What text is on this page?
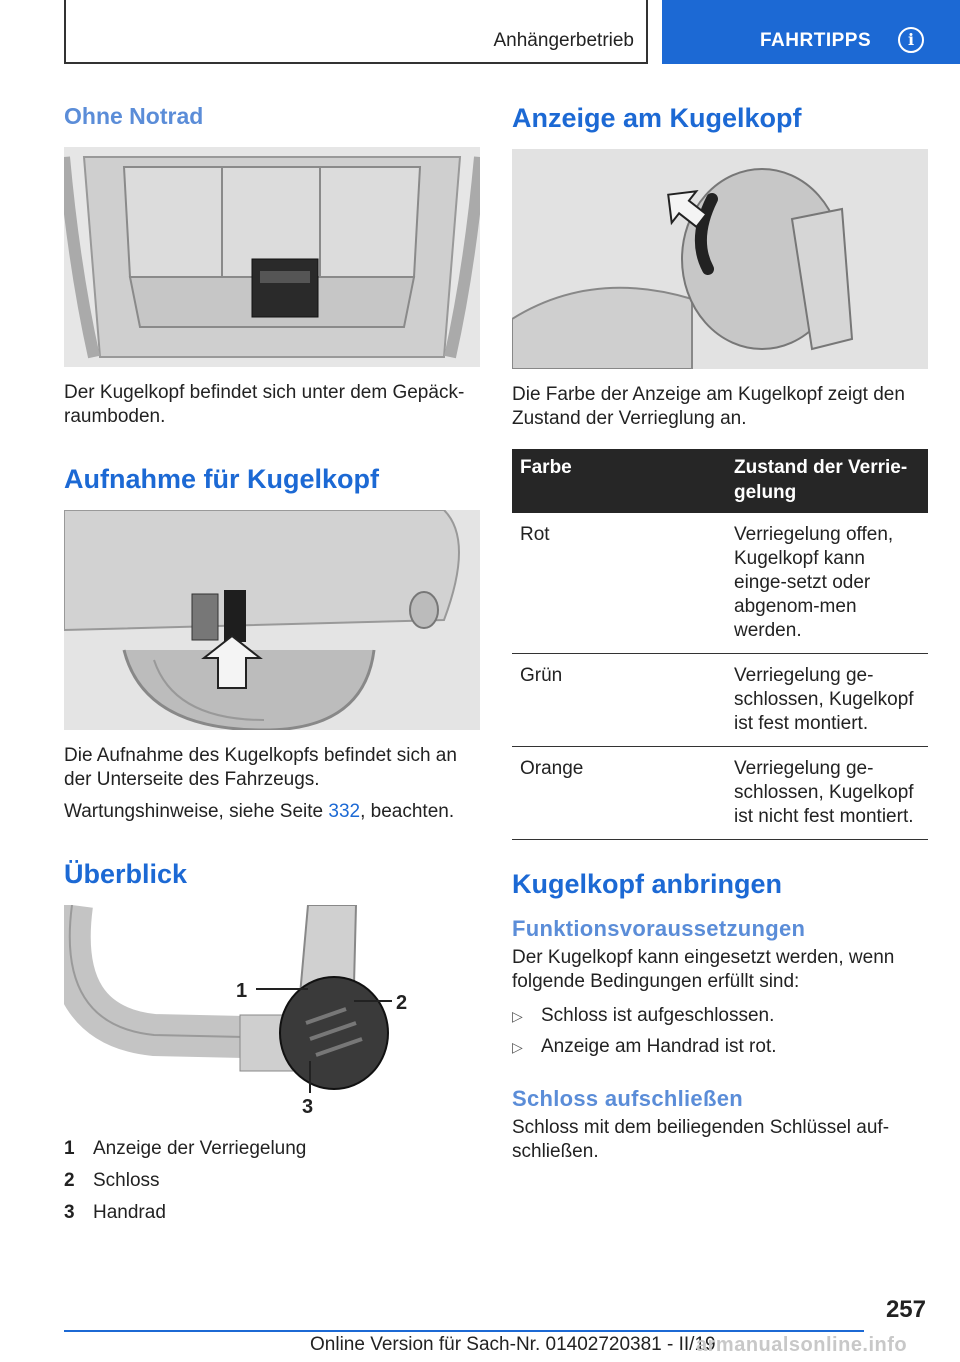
Anhängerbetrieb	FAHRTIPPS	i
Ohne Notrad

Der Kugelkopf befindet sich unter dem Gepäck-raumboden.

Aufnahme für Kugelkopf

Die Aufnahme des Kugelkopfs befindet sich an der Unterseite des Fahrzeugs.

Wartungshinweise, siehe Seite 332, beachten.

Überblick
1
2
3
1 Anzeige der Verriegelung
2 Schloss
3 Handrad
Anzeige am Kugelkopf

Die Farbe der Anzeige am Kugelkopf zeigt den Zustand der Verrieglung an.

Farbe	Zustand der Verrie-gelung
Rot	Verriegelung offen, Kugelkopf kann einge-setzt oder abgenom-men werden.
Grün	Verriegelung ge-schlossen, Kugelkopf ist fest montiert.
Orange	Verriegelung ge-schlossen, Kugelkopf ist nicht fest montiert.
Kugelkopf anbringen
Funktionsvoraussetzungen

Der Kugelkopf kann eingesetzt werden, wenn folgende Bedingungen erfüllt sind:

▷ Schloss ist aufgeschlossen.
▷ Anzeige am Handrad ist rot.
Schloss aufschließen

Schloss mit dem beiliegenden Schlüssel auf-schließen.

257
Online Version für Sach-Nr. 01402720381 - II/19
armanualsonline.info
